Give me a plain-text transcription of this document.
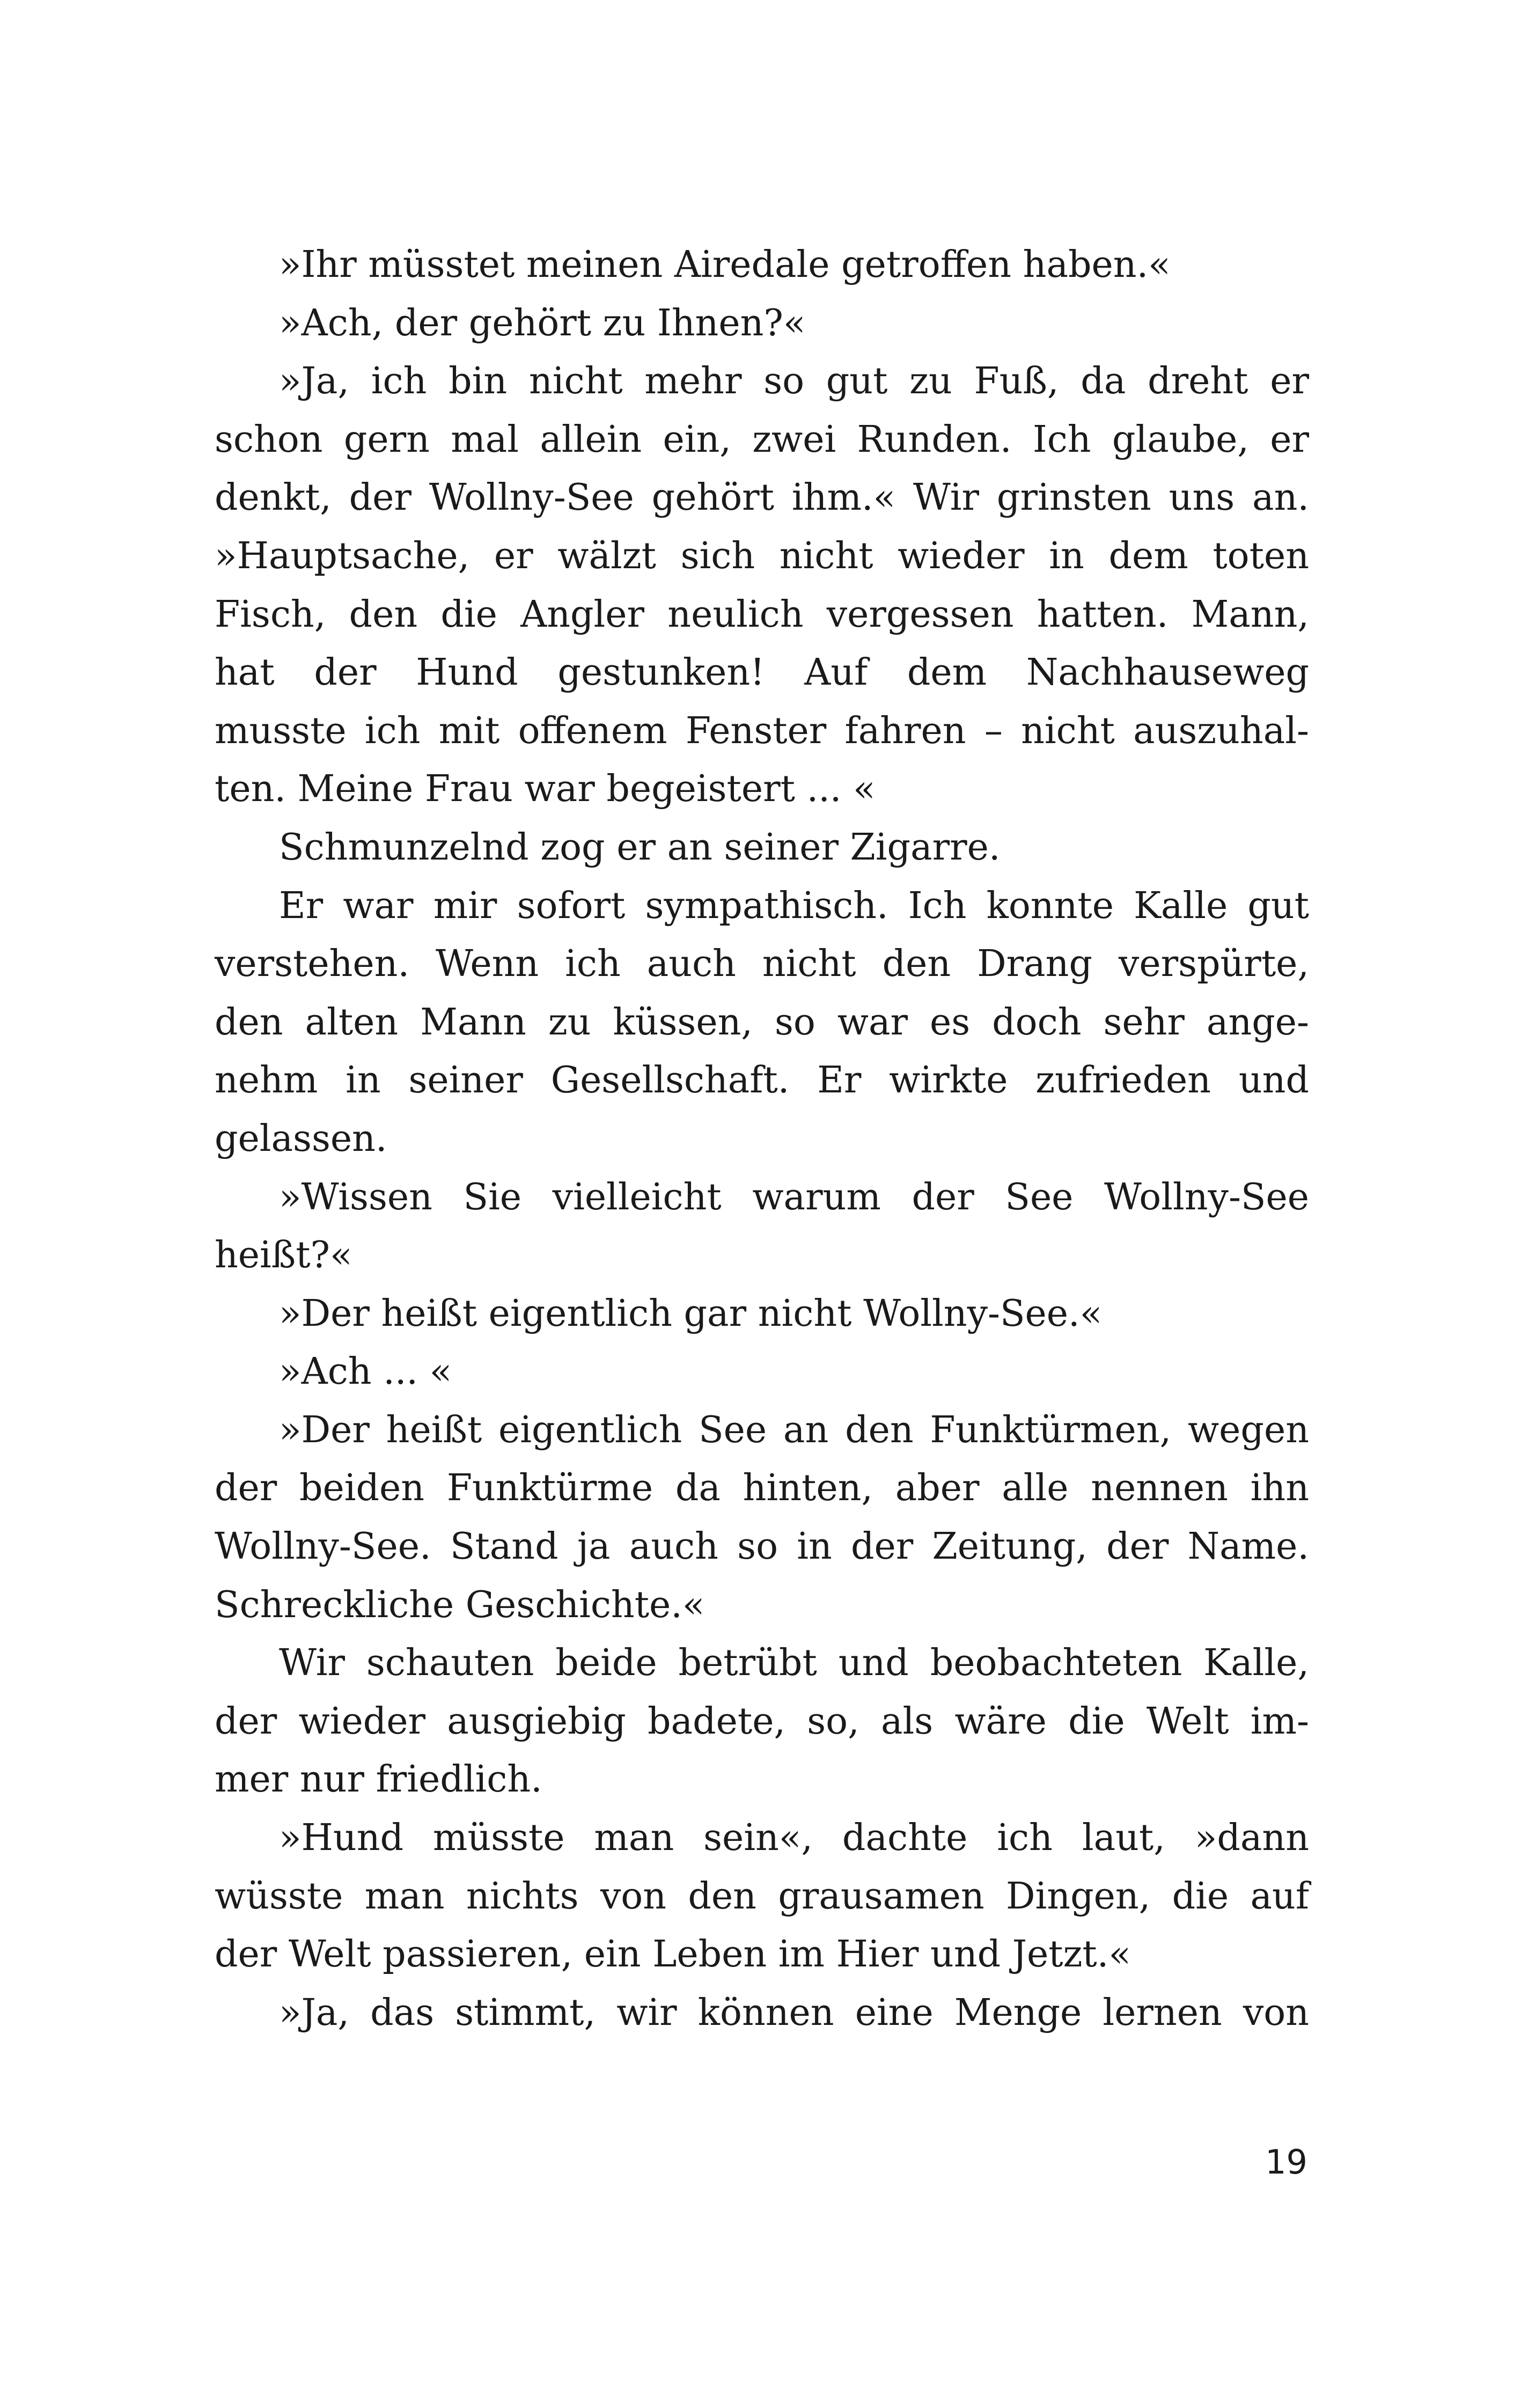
»Ihr müsstet meinen Airedale getroffen haben.«
»Ach, der gehört zu Ihnen?«
»Ja, ich bin nicht mehr so gut zu Fuß, da dreht er
schon gern mal allein ein, zwei Runden. Ich glaube, er
denkt, der Wollny-See gehört ihm.« Wir grinsten uns an.
»Hauptsache, er wälzt sich nicht wieder in dem toten
Fisch, den die Angler neulich vergessen hatten. Mann,
hat der Hund gestunken! Auf dem Nachhauseweg
musste ich mit offenem Fenster fahren – nicht auszuhal-
ten. Meine Frau war begeistert ... «
Schmunzelnd zog er an seiner Zigarre.
Er war mir sofort sympathisch. Ich konnte Kalle gut
verstehen. Wenn ich auch nicht den Drang verspürte,
den alten Mann zu küssen, so war es doch sehr ange-
nehm in seiner Gesellschaft. Er wirkte zufrieden und
gelassen.
»Wissen Sie vielleicht warum der See Wollny-See
heißt?«
»Der heißt eigentlich gar nicht Wollny-See.«
»Ach ... «
»Der heißt eigentlich See an den Funktürmen, wegen
der beiden Funktürme da hinten, aber alle nennen ihn
Wollny-See. Stand ja auch so in der Zeitung, der Name.
Schreckliche Geschichte.«
Wir schauten beide betrübt und beobachteten Kalle,
der wieder ausgiebig badete, so, als wäre die Welt im-
mer nur friedlich.
»Hund müsste man sein«, dachte ich laut, »dann
wüsste man nichts von den grausamen Dingen, die auf
der Welt passieren, ein Leben im Hier und Jetzt.«
»Ja, das stimmt, wir können eine Menge lernen von
19
